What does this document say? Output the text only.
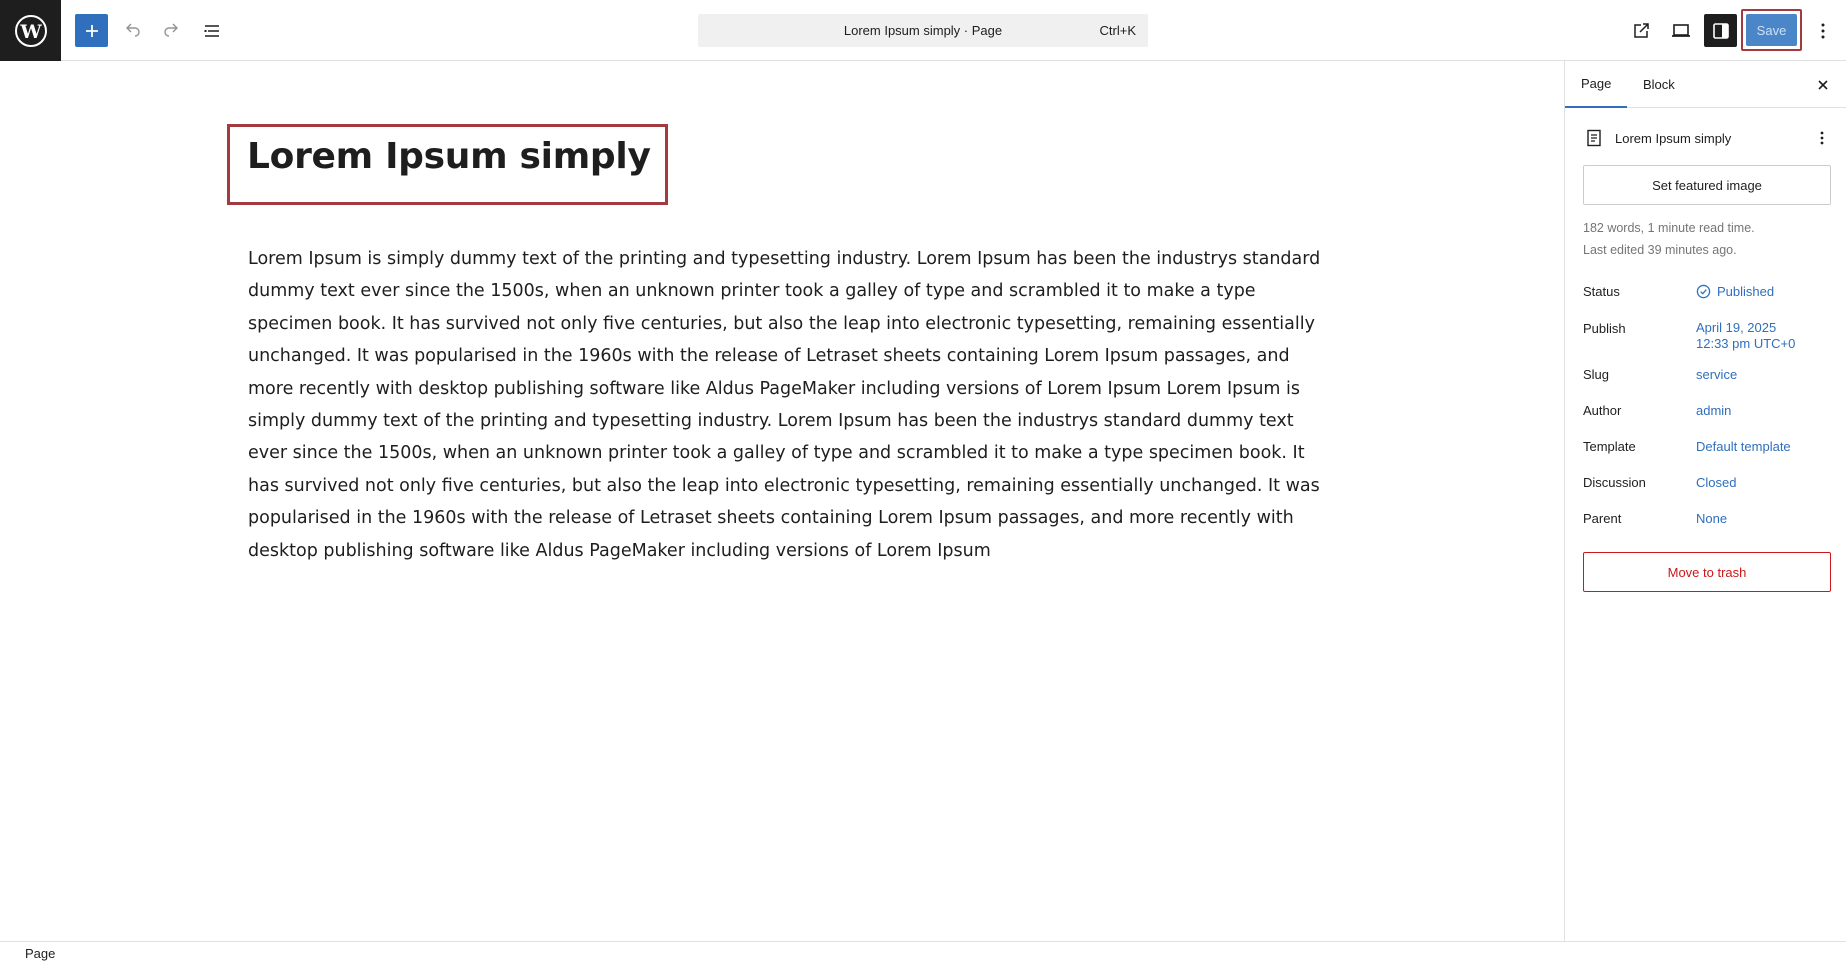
W	Lorem Ipsum simply · Page	Ctrl+K	Save
Lorem Ipsum simply
Lorem Ipsum is simply dummy text of the printing and typesetting industry. Lorem Ipsum has been the industrys standard dummy text ever since the 1500s, when an unknown printer took a galley of type and scrambled it to make a type specimen book. It has survived not only five centuries, but also the leap into electronic typesetting, remaining essentially unchanged. It was popularised in the 1960s with the release of Letraset sheets containing Lorem Ipsum passages, and more recently with desktop publishing software like Aldus PageMaker including versions of Lorem Ipsum Lorem Ipsum is simply dummy text of the printing and typesetting industry. Lorem Ipsum has been the industrys standard dummy text ever since the 1500s, when an unknown printer took a galley of type and scrambled it to make a type specimen book. It has survived not only five centuries, but also the leap into electronic typesetting, remaining essentially unchanged. It was popularised in the 1960s with the release of Letraset sheets containing Lorem Ipsum passages, and more recently with desktop publishing software like Aldus PageMaker including versions of Lorem Ipsum
Page	Block
Lorem Ipsum simply
Set featured image
182 words, 1 minute read time.
Last edited 39 minutes ago.
Status	Published
Publish	April 19, 2025
12:33 pm UTC+0
Slug	service
Author	admin
Template	Default template
Discussion	Closed
Parent	None
Move to trash
Page
